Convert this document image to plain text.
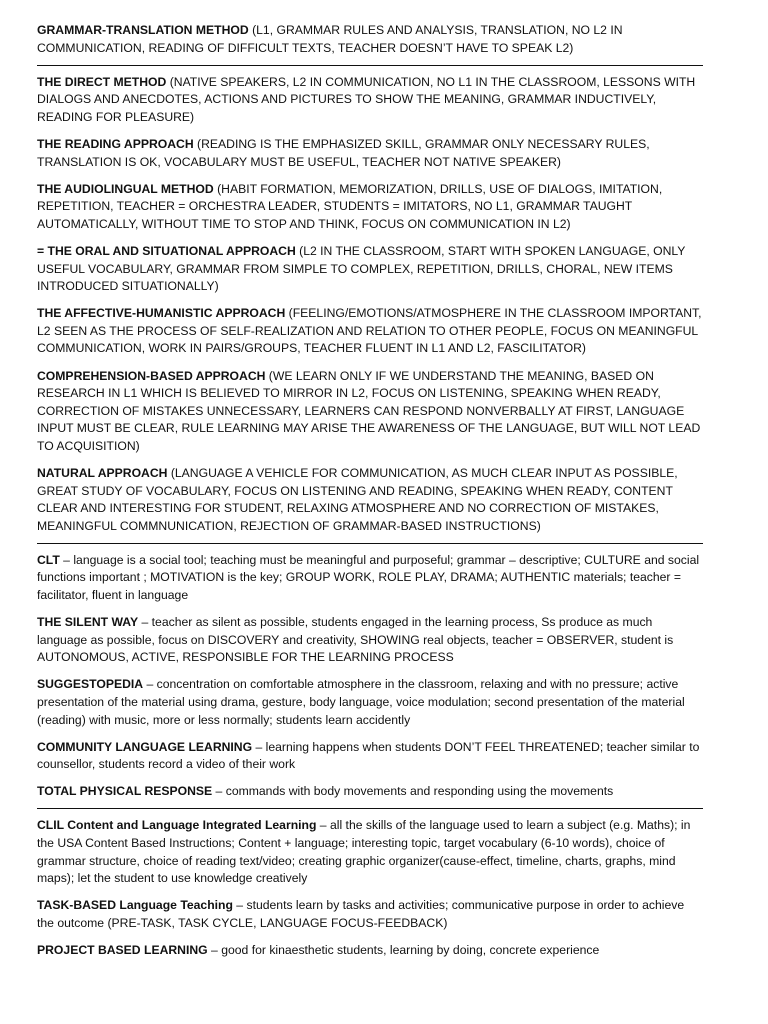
GRAMMAR-TRANSLATION METHOD (L1, GRAMMAR RULES AND ANALYSIS, TRANSLATION, NO L2 IN COMMUNICATION, READING OF DIFFICULT TEXTS, TEACHER DOESN’T HAVE TO SPEAK L2)

THE DIRECT METHOD (NATIVE SPEAKERS, L2 IN COMMUNICATION, NO L1 IN THE CLASSROOM, LESSONS WITH DIALOGS AND ANECDOTES, ACTIONS AND PICTURES TO SHOW THE MEANING, GRAMMAR INDUCTIVELY, READING FOR PLEASURE)

THE READING APPROACH (READING IS THE EMPHASIZED SKILL, GRAMMAR ONLY NECESSARY RULES, TRANSLATION IS OK, VOCABULARY MUST BE USEFUL, TEACHER NOT NATIVE SPEAKER)

THE AUDIOLINGUAL METHOD (HABIT FORMATION, MEMORIZATION, DRILLS, USE OF DIALOGS, IMITATION, REPETITION, TEACHER = ORCHESTRA LEADER, STUDENTS = IMITATORS, NO L1, GRAMMAR TAUGHT AUTOMATICALLY, WITHOUT TIME TO STOP AND THINK, FOCUS ON COMMUNICATION IN L2)

= THE ORAL AND SITUATIONAL APPROACH (L2 IN THE CLASSROOM, START WITH SPOKEN LANGUAGE, ONLY USEFUL VOCABULARY, GRAMMAR FROM SIMPLE TO COMPLEX, REPETITION, DRILLS, CHORAL, NEW ITEMS INTRODUCED SITUATIONALLY)

THE AFFECTIVE-HUMANISTIC APPROACH (FEELING/EMOTIONS/ATMOSPHERE IN THE CLASSROOM IMPORTANT, L2 SEEN AS THE PROCESS OF SELF-REALIZATION AND RELATION TO OTHER PEOPLE, FOCUS ON MEANINGFUL COMMUNICATION, WORK IN PAIRS/GROUPS, TEACHER FLUENT IN L1 AND L2, FASCILITATOR)

COMPREHENSION-BASED APPROACH (WE LEARN ONLY IF WE UNDERSTAND THE MEANING, BASED ON RESEARCH IN L1 WHICH IS BELIEVED TO MIRROR IN L2, FOCUS ON LISTENING, SPEAKING WHEN READY, CORRECTION OF MISTAKES UNNECESSARY, LEARNERS CAN RESPOND NONVERBALLY AT FIRST, LANGUAGE INPUT MUST BE CLEAR, RULE LEARNING MAY ARISE THE AWARENESS OF THE LANGUAGE, BUT WILL NOT LEAD TO ACQUISITION)

NATURAL APPROACH (LANGUAGE A VEHICLE FOR COMMUNICATION, AS MUCH CLEAR INPUT AS POSSIBLE, GREAT STUDY OF VOCABULARY, FOCUS ON LISTENING AND READING, SPEAKING WHEN READY, CONTENT CLEAR AND INTERESTING FOR STUDENT, RELAXING ATMOSPHERE AND NO CORRECTION OF MISTAKES, MEANINGFUL COMMNUNICATION, REJECTION OF GRAMMAR-BASED INSTRUCTIONS)

CLT – language is a social tool; teaching must be meaningful and purposeful; grammar – descriptive; CULTURE and social functions important ; MOTIVATION is the key; GROUP WORK, ROLE PLAY, DRAMA; AUTHENTIC materials; teacher = facilitator, fluent in language

THE SILENT WAY – teacher as silent as possible, students engaged in the learning process, Ss produce as much language as possible, focus on DISCOVERY and creativity, SHOWING real objects, teacher = OBSERVER, student is AUTONOMOUS, ACTIVE, RESPONSIBLE FOR THE LEARNING PROCESS

SUGGESTOPEDIA – concentration on comfortable atmosphere in the classroom, relaxing and with no pressure; active presentation of the material using drama, gesture, body language, voice modulation; second presentation of the material (reading) with music, more or less normally; students learn accidently

COMMUNITY LANGUAGE LEARNING – learning happens when students DON’T FEEL THREATENED; teacher similar to counsellor, students record a video of their work

TOTAL PHYSICAL RESPONSE – commands with body movements and responding using the movements

CLIL Content and Language Integrated Learning – all the skills of the language used to learn a subject (e.g. Maths); in the USA Content Based Instructions; Content + language; interesting topic, target vocabulary (6-10 words), choice of grammar structure, choice of reading text/video; creating graphic organizer(cause-effect, timeline, charts, graphs, mind maps); let the student to use knowledge creatively

TASK-BASED Language Teaching – students learn by tasks and activities; communicative purpose in order to achieve the outcome (PRE-TASK, TASK CYCLE, LANGUAGE FOCUS-FEEDBACK)

PROJECT BASED LEARNING – good for kinaesthetic students, learning by doing, concrete experience
